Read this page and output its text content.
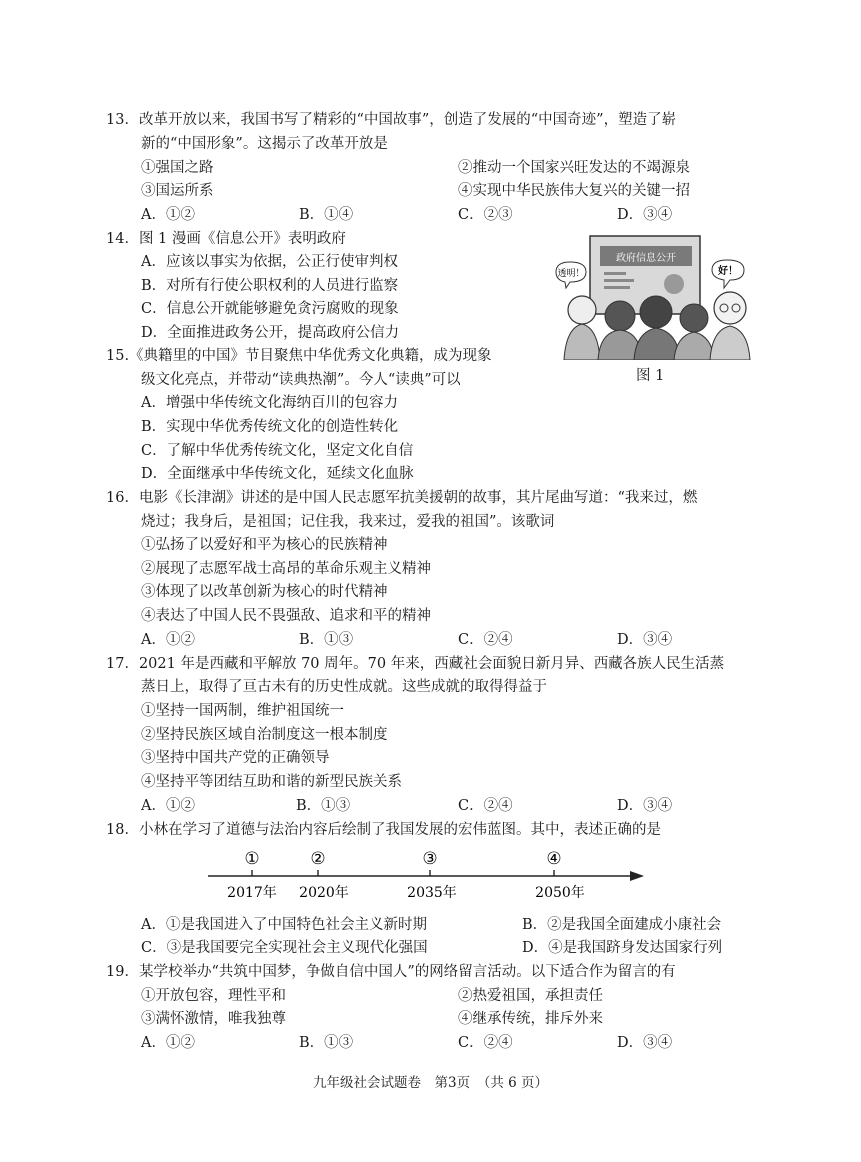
13．改革开放以来，我国书写了精彩的“中国故事”，创造了发展的“中国奇迹”，塑造了崭
新的“中国形象”。这揭示了改革开放是
①强国之路	②推动一个国家兴旺发达的不竭源泉
③国运所系	④实现中华民族伟大复兴的关键一招
A．①②	B．①④	C．②③	D．③④
14．图 1 漫画《信息公开》表明政府
A．应该以事实为依据，公正行使审判权
B．对所有行使公职权利的人员进行监察
C．信息公开就能够避免贪污腐败的现象
D．全面推进政务公开，提高政府公信力
政府信息公开
透明！	好！
图 1
15.《典籍里的中国》节目聚焦中华优秀文化典籍，成为现象
级文化亮点，并带动“读典热潮”。今人“读典”可以
A．增强中华传统文化海纳百川的包容力
B．实现中华优秀传统文化的创造性转化
C．了解中华优秀传统文化，坚定文化自信
D．全面继承中华传统文化，延续文化血脉
16．电影《长津湖》讲述的是中国人民志愿军抗美援朝的故事，其片尾曲写道：“我来过，燃
烧过；我身后，是祖国；记住我，我来过，爱我的祖国”。该歌词
①弘扬了以爱好和平为核心的民族精神
②展现了志愿军战士高昂的革命乐观主义精神
③体现了以改革创新为核心的时代精神
④表达了中国人民不畏强敌、追求和平的精神
A．①②	B．①③	C．②④	D．③④
17．2021 年是西藏和平解放 70 周年。70 年来，西藏社会面貌日新月异、西藏各族人民生活蒸
蒸日上，取得了亘古未有的历史性成就。这些成就的取得得益于
①坚持一国两制，维护祖国统一
②坚持民族区域自治制度这一根本制度
③坚持中国共产党的正确领导
④坚持平等团结互助和谐的新型民族关系
A．①②	B．①③	C．②④	D．③④
18．小林在学习了道德与法治内容后绘制了我国发展的宏伟蓝图。其中，表述正确的是
①
2017年
②
2020年
③
2035年
④
2050年
A．①是我国进入了中国特色社会主义新时期	B．②是我国全面建成小康社会
C．③是我国要完全实现社会主义现代化强国	D．④是我国跻身发达国家行列
19．某学校举办“共筑中国梦，争做自信中国人”的网络留言活动。以下适合作为留言的有
①开放包容，理性平和	②热爱祖国，承担责任
③满怀激情，唯我独尊	④继承传统，排斥外来
A．①②	B．①③	C．②④	D．③④
九年级社会试题卷　第3页　（共 6 页）
